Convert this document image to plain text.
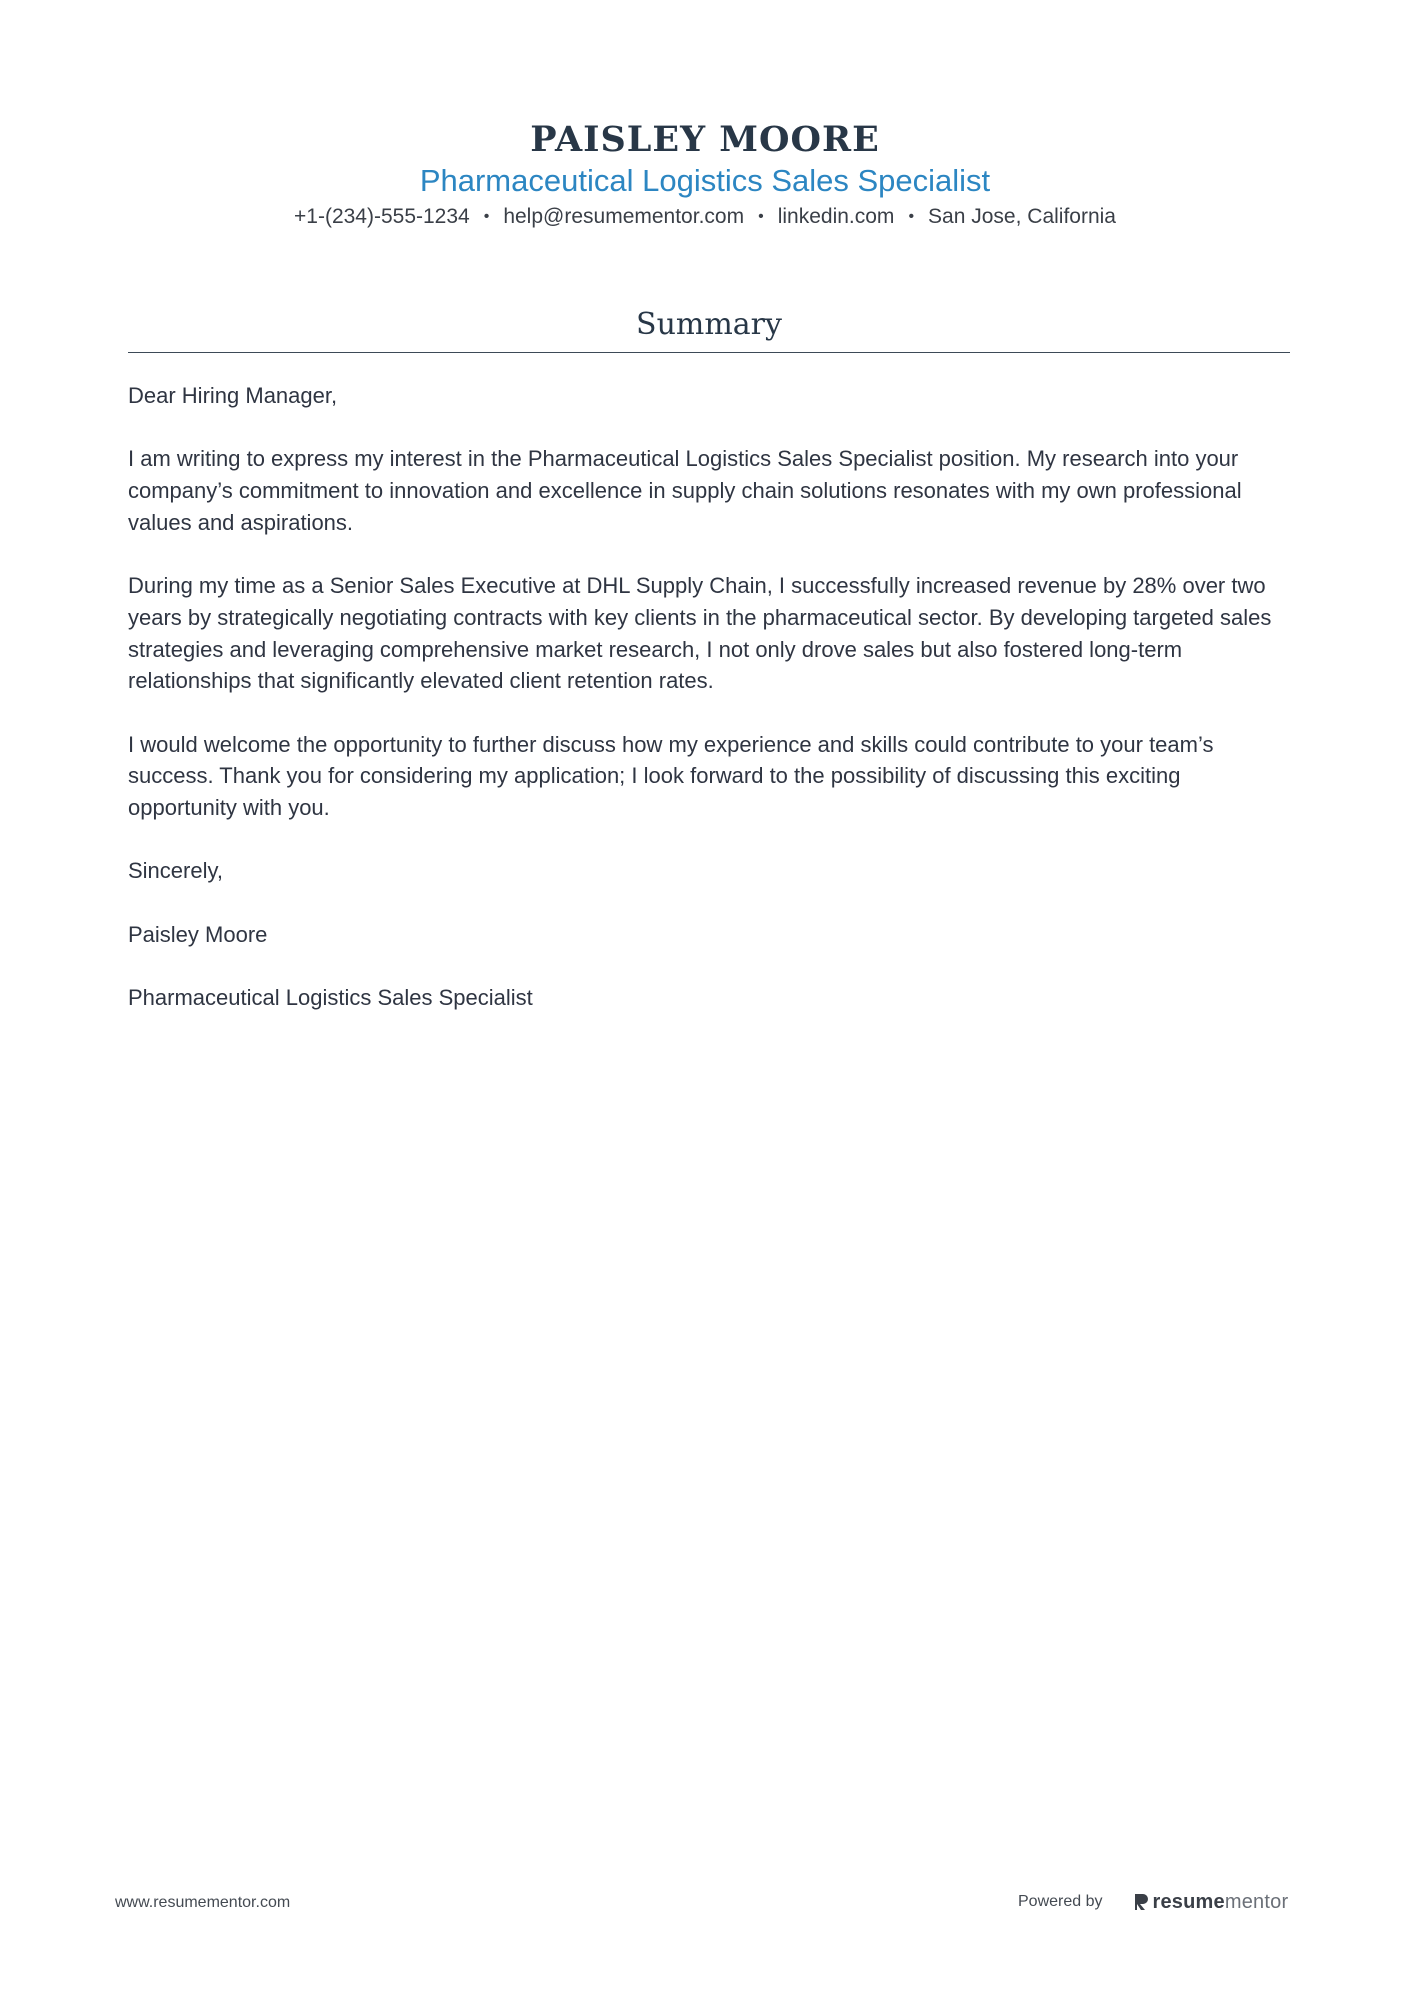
PAISLEY MOORE
Pharmaceutical Logistics Sales Specialist
+1-(234)-555-1234 • help@resumementor.com • linkedin.com • San Jose, California
Summary

Dear Hiring Manager,

I am writing to express my interest in the Pharmaceutical Logistics Sales Specialist position. My research into your company’s commitment to innovation and excellence in supply chain solutions resonates with my own professional values and aspirations.

During my time as a Senior Sales Executive at DHL Supply Chain, I successfully increased revenue by 28% over two years by strategically negotiating contracts with key clients in the pharmaceutical sector. By developing targeted sales strategies and leveraging comprehensive market research, I not only drove sales but also fostered long-term relationships that significantly elevated client retention rates.

I would welcome the opportunity to further discuss how my experience and skills could contribute to your team’s success. Thank you for considering my application; I look forward to the possibility of discussing this exciting opportunity with you.

Sincerely,

Paisley Moore

Pharmaceutical Logistics Sales Specialist

www.resumementor.com	Powered by	resume mentor
